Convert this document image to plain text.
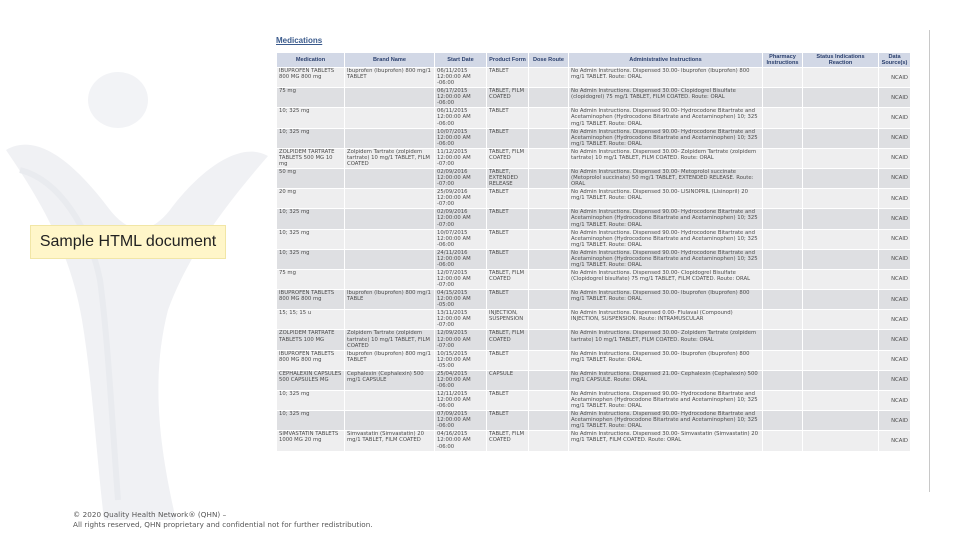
Medications
Medication	Brand Name	Start Date	Product Form	Dose Route	Administrative Instructions	Pharmacy Instructions	Status Indications Reaction	Data Source(s)
IBUPROFEN TABLETS 800 MG 800 mg	Ibuprofen (Ibuprofen) 800 mg/1 TABLET	06/11/2015 12:00:00 AM -06:00	TABLET		No Admin Instructions. Dispensed 30.00- Ibuprofen (Ibuprofen) 800 mg/1 TABLET. Route: ORAL			NCAID
75 mg		06/17/2015 12:00:00 AM -06:00	TABLET, FILM COATED		No Admin Instructions. Dispensed 30.00- Clopidogrel Bisulfate (clopidogrel) 75 mg/1 TABLET, FILM COATED. Route: ORAL			NCAID
10; 325 mg		06/11/2015 12:00:00 AM -06:00	TABLET		No Admin Instructions. Dispensed 90.00- Hydrocodone Bitartrate and Acetaminophen (Hydrocodone Bitartrate and Acetaminophen) 10; 325 mg/1 TABLET. Route: ORAL			NCAID
10; 325 mg		10/07/2015 12:00:00 AM -06:00	TABLET		No Admin Instructions. Dispensed 90.00- Hydrocodone Bitartrate and Acetaminophen (Hydrocodone Bitartrate and Acetaminophen) 10; 325 mg/1 TABLET. Route: ORAL			NCAID
ZOLPIDEM TARTRATE TABLETS 500 MG 10 mg	Zolpidem Tartrate (zolpidem tartrate) 10 mg/1 TABLET, FILM COATED	11/12/2015 12:00:00 AM -07:00	TABLET, FILM COATED		No Admin Instructions. Dispensed 30.00- Zolpidem Tartrate (zolpidem tartrate) 10 mg/1 TABLET, FILM COATED. Route: ORAL			NCAID
50 mg		02/09/2016 12:00:00 AM -07:00	TABLET, EXTENDED RELEASE		No Admin Instructions. Dispensed 30.00- Metoprolol succinate (Metoprolol succinate) 50 mg/1 TABLET, EXTENDED RELEASE. Route: ORAL			NCAID
20 mg		25/09/2016 12:00:00 AM -07:00	TABLET		No Admin Instructions. Dispensed 30.00- LISINOPRIL (Lisinopril) 20 mg/1 TABLET. Route: ORAL			NCAID
10; 325 mg		02/09/2016 12:00:00 AM -07:00	TABLET		No Admin Instructions. Dispensed 90.00- Hydrocodone Bitartrate and Acetaminophen (Hydrocodone Bitartrate and Acetaminophen) 10; 325 mg/1 TABLET. Route: ORAL			NCAID
10; 325 mg		10/07/2015 12:00:00 AM -06:00	TABLET		No Admin Instructions. Dispensed 90.00- Hydrocodone Bitartrate and Acetaminophen (Hydrocodone Bitartrate and Acetaminophen) 10; 325 mg/1 TABLET. Route: ORAL			NCAID
10; 325 mg		24/11/2016 12:00:00 AM -06:00	TABLET		No Admin Instructions. Dispensed 90.00- Hydrocodone Bitartrate and Acetaminophen (Hydrocodone Bitartrate and Acetaminophen) 10; 325 mg/1 TABLET. Route: ORAL			NCAID
75 mg		12/07/2015 12:00:00 AM -07:00	TABLET, FILM COATED		No Admin Instructions. Dispensed 30.00- Clopidogrel Bisulfate (Clopidogrel bisulfate) 75 mg/1 TABLET, FILM COATED. Route: ORAL			NCAID
IBUPROFEN TABLETS 800 MG 800 mg	Ibuprofen (Ibuprofen) 800 mg/1 TABLE	04/15/2015 12:00:00 AM -05:00	TABLET		No Admin Instructions. Dispensed 30.00- Ibuprofen (Ibuprofen) 800 mg/1 TABLET. Route: ORAL			NCAID
15; 15; 15 u		13/11/2015 12:00:00 AM -07:00	INJECTION, SUSPENSION		No Admin Instructions. Dispensed 0.00- Flulaval (Compound) INJECTION, SUSPENSION. Route: INTRAMUSCULAR			NCAID
ZOLPIDEM TARTRATE TABLETS 100 MG	Zolpidem Tartrate (zolpidem tartrate) 10 mg/1 TABLET, FILM COATED	12/09/2015 12:00:00 AM -07:00	TABLET, FILM COATED		No Admin Instructions. Dispensed 30.00- Zolpidem Tartrate (zolpidem tartrate) 10 mg/1 TABLET, FILM COATED. Route: ORAL			NCAID
IBUPROFEN TABLETS 800 MG 800 mg	Ibuprofen (Ibuprofen) 800 mg/1 TABLET	10/15/2015 12:00:00 AM -05:00	TABLET		No Admin Instructions. Dispensed 30.00- Ibuprofen (Ibuprofen) 800 mg/1 TABLET. Route: ORAL			NCAID
CEPHALEXIN CAPSULES 500 CAPSULES MG	Cephalexin (Cephalexin) 500 mg/1 CAPSULE	25/04/2015 12:00:00 AM -06:00	CAPSULE		No Admin Instructions. Dispensed 21.00- Cephalexin (Cephalexin) 500 mg/1 CAPSULE. Route: ORAL			NCAID
10; 325 mg		12/11/2015 12:00:00 AM -06:00	TABLET		No Admin Instructions. Dispensed 90.00- Hydrocodone Bitartrate and Acetaminophen (Hydrocodone Bitartrate and Acetaminophen) 10; 325 mg/1 TABLET. Route: ORAL			NCAID
10; 325 mg		07/09/2015 12:00:00 AM -06:00	TABLET		No Admin Instructions. Dispensed 90.00- Hydrocodone Bitartrate and Acetaminophen (Hydrocodone Bitartrate and Acetaminophen) 10; 325 mg/1 TABLET. Route: ORAL			NCAID
SIMVASTATIN TABLETS 1000 MG 20 mg	Simvastatin (Simvastatin) 20 mg/1 TABLET, FILM COATED	04/16/2015 12:00:00 AM -06:00	TABLET, FILM COATED		No Admin Instructions. Dispensed 30.00- Simvastatin (Simvastatin) 20 mg/1 TABLET, FILM COATED. Route: ORAL			NCAID
Sample HTML document
© 2020 Quality Health Network® (QHN) –
All rights reserved, QHN proprietary and confidential not for further redistribution.
